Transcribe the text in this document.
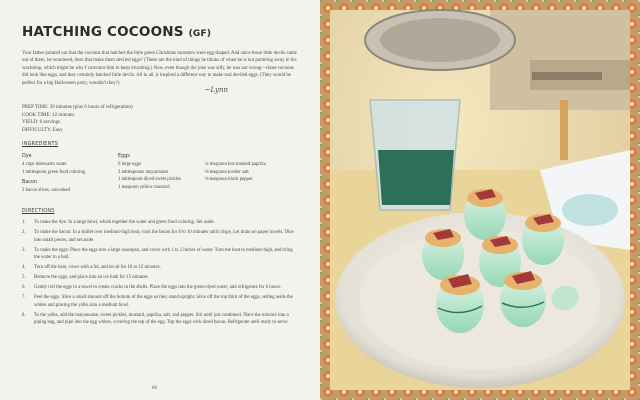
HATCHING COCOONS (GF)

Your father pointed out that the cocoons that hatched the little green Christmas monsters were egg shaped. And since those little devils came out of them, he wondered, does that make them deviled eggs? (These are the kind of things he thinks of when he is not puttering away in his workshop, which might be why I convince him to keep inventing.) Now, even though the joke was silly, he was not wrong—those cocoons did look like eggs, and they certainly hatched little devils. All in all, it inspired a different way to make real deviled eggs. (They would be perfect for a big Halloween party, wouldn't they?)

~Lynn
PREP TIME: 30 minutes (plus 6 hours of refrigeration)
COOK TIME: 12 minutes
YIELD: 6 servings
DIFFICULTY: Easy
INGREDIENTS
Dye
4 cups lukewarm water
1 tablespoon green food coloring
Bacon
2 bacon slices, uncooked
Eggs
6 large eggs
3 tablespoons mayonnaise
1 tablespoon diced sweet pickles
1 teaspoon yellow mustard

¼ teaspoon hot smoked paprika
⅛ teaspoon kosher salt
⅛ teaspoon black pepper
DIRECTIONS
1. To make the dye: In a large bowl, whisk together the water and green food coloring. Set aside.
2. To make the bacon: In a skillet over medium-high heat, cook the bacon for 8 to 10 minutes until crispy. Let drain on paper towels. Dice into small pieces, and set aside.
3. To make the eggs: Place the eggs into a large saucepan, and cover with 1 to 2 inches of water. Turn the heat to medium-high, and bring the water to a boil.
4. Turn off the heat, cover with a lid, and let sit for 10 to 12 minutes.
5. Remove the eggs, and place into an ice bath for 15 minutes.
6. Gently roll the eggs in a towel to create cracks in the shells. Place the eggs into the green-dyed water, and refrigerate for 6 hours.
7. Peel the eggs. Slice a small amount off the bottom of the eggs so they stand upright. Slice off the top third of the eggs, setting aside the whites and placing the yolks into a medium bowl.
8. To the yolks, add the mayonnaise, sweet pickles, mustard, paprika, salt, and pepper. Stir until just combined. Place the mixture into a piping bag, and pipe into the egg whites, covering the top of the egg. Top the eggs with diced bacon. Refrigerate until ready to serve.
88
